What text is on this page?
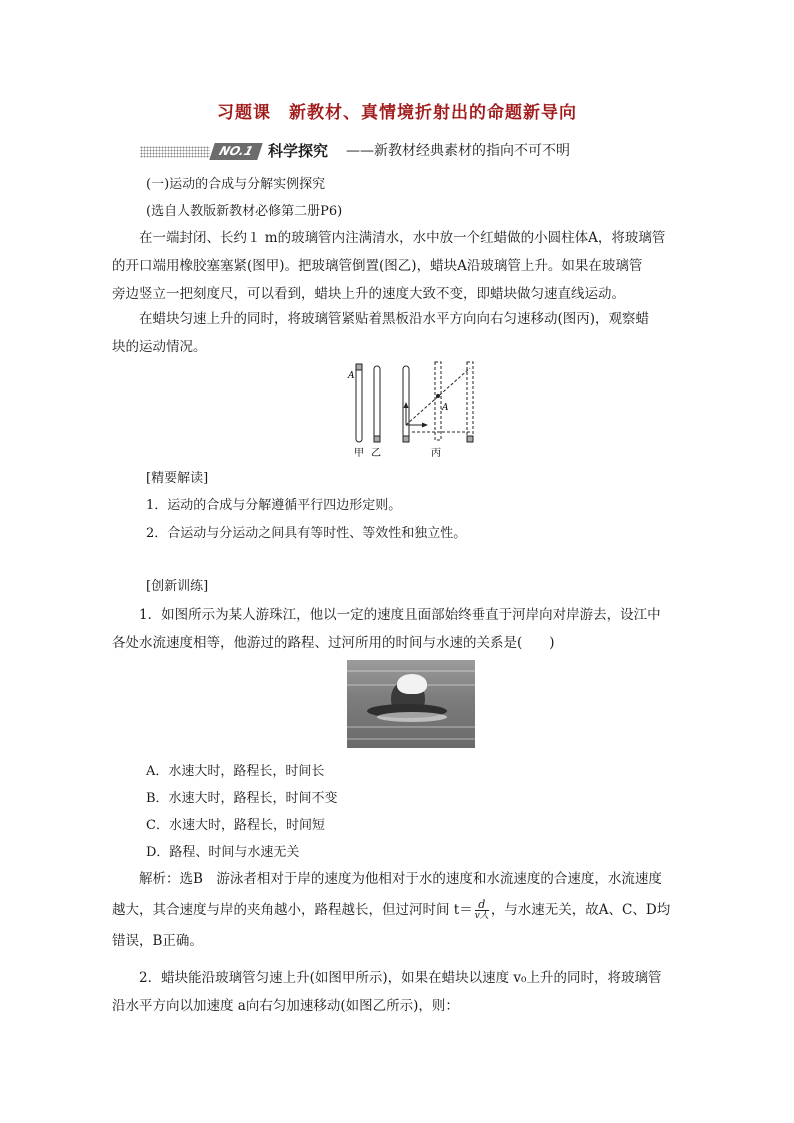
习题课　新教材、真情境折射出的命题新导向
NO.1 科学探究 ——新教材经典素材的指向不可不明
(一)运动的合成与分解实例探究
(选自人教版新教材必修第二册P6)
在一端封闭、长约１ m的玻璃管内注满清水，水中放一个红蜡做的小圆柱体A，将玻璃管
的开口端用橡胶塞塞紧(图甲)。把玻璃管倒置(图乙)，蜡块A沿玻璃管上升。如果在玻璃管
旁边竖立一把刻度尺，可以看到，蜡块上升的速度大致不变，即蜡块做匀速直线运动。
在蜡块匀速上升的同时，将玻璃管紧贴着黑板沿水平方向向右匀速移动(图丙)，观察蜡
块的运动情况。
A
A
甲 乙	丙
[精要解读]
1．运动的合成与分解遵循平行四边形定则。
2．合运动与分运动之间具有等时性、等效性和独立性。
[创新训练]
1．如图所示为某人游珠江，他以一定的速度且面部始终垂直于河岸向对岸游去，设江中
各处水流速度相等，他游过的路程、过河所用的时间与水速的关系是(　　)
A．水速大时，路程长，时间长
B．水速大时，路程长，时间不变
C．水速大时，路程长，时间短
D．路程、时间与水速无关
解析：选B　游泳者相对于岸的速度为他相对于水的速度和水流速度的合速度，水流速度
越大，其合速度与岸的夹角越小，路程越长，但过河时间 $t= \frac{d}{\text{v人}}$ ，与水速无关，故A、C、D均
错误，B正确。
2．蜡块能沿玻璃管匀速上升(如图甲所示)，如果在蜡块以速度 v₀上升的同时，将玻璃管
沿水平方向以加速度 a向右匀加速移动(如图乙所示)，则：
